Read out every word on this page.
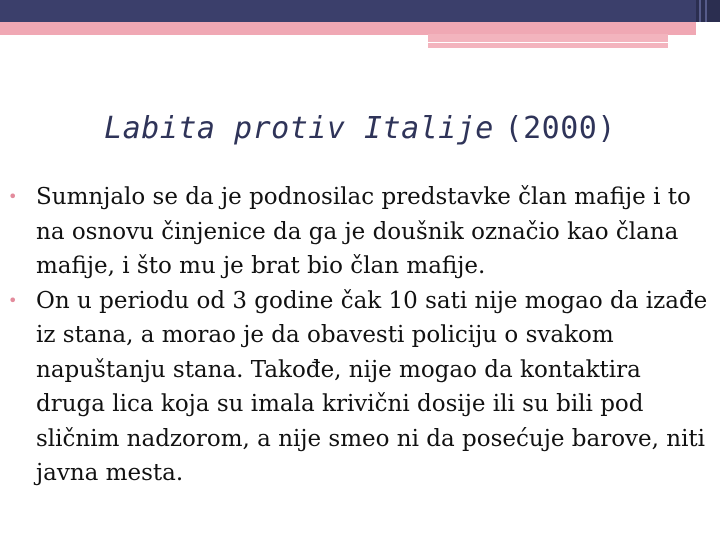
Labita protiv Italije (2000)
• Sumnjalo se da je podnosilac predstavke član mafije i to na osnovu činjenice da ga je doušnik označio kao člana mafije, i što mu je brat bio član mafije.
• On u periodu od 3 godine čak 10 sati nije mogao da izađe iz stana, a morao je da obavesti policiju o svakom napuštanju stana. Takođe, nije mogao da kontaktira druga lica koja su imala krivični dosije ili su bili pod sličnim nadzorom, a nije smeo ni da posećuje barove, niti javna mesta.
